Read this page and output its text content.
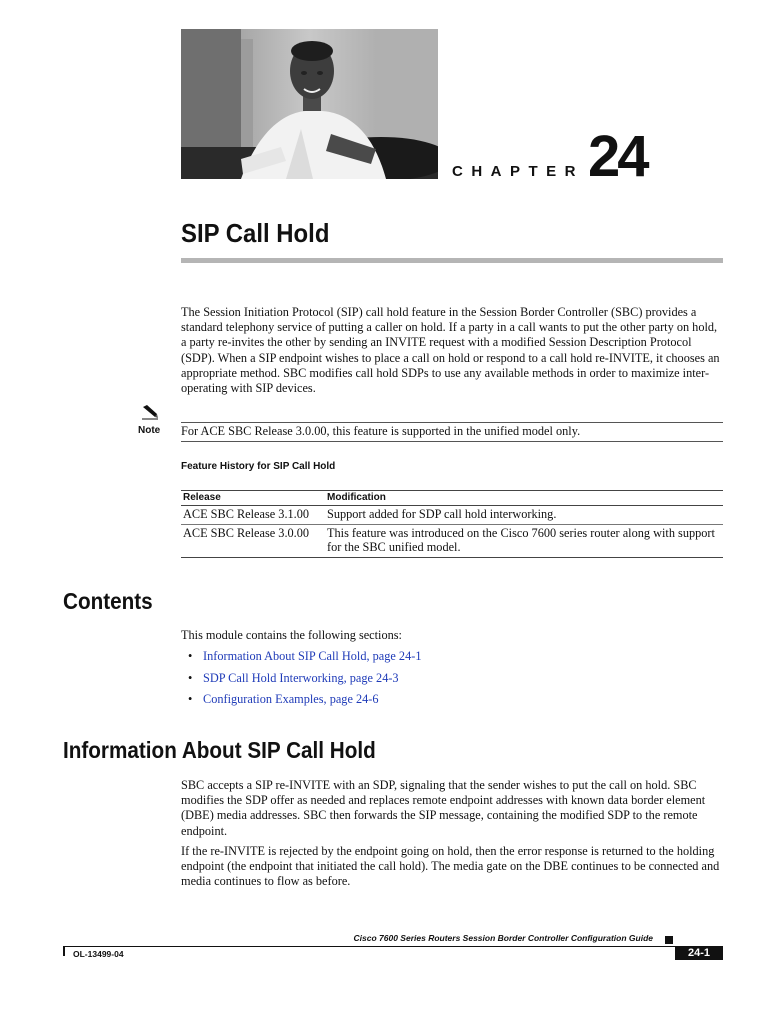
CHAPTER 24
SIP Call Hold

The Session Initiation Protocol (SIP) call hold feature in the Session Border Controller (SBC) provides a standard telephony service of putting a caller on hold. If a party in a call wants to put the other party on hold, a party re-invites the other by sending an INVITE request with a modified Session Description Protocol (SDP). When a SIP endpoint wishes to place a call on hold or respond to a call hold re-INVITE, it chooses an appropriate method. SBC modifies call hold SDPs to use any available methods in order to maximize inter-operating with SIP devices.

Note For ACE SBC Release 3.0.00, this feature is supported in the unified model only.
Feature History for SIP Call Hold
Release	Modification
ACE SBC Release 3.1.00	Support added for SDP call hold interworking.
ACE SBC Release 3.0.00	This feature was introduced on the Cisco 7600 series router along with support for the SBC unified model.
Contents
This module contains the following sections:
• Information About SIP Call Hold, page 24-1
• SDP Call Hold Interworking, page 24-3
• Configuration Examples, page 24-6
Information About SIP Call Hold

SBC accepts a SIP re-INVITE with an SDP, signaling that the sender wishes to put the call on hold. SBC modifies the SDP offer as needed and replaces remote endpoint addresses with known data border element (DBE) media addresses. SBC then forwards the SIP message, containing the modified SDP to the remote endpoint.

If the re-INVITE is rejected by the endpoint going on hold, then the error response is returned to the holding endpoint (the endpoint that initiated the call hold). The media gate on the DBE continues to be connected and media continues to flow as before.

Cisco 7600 Series Routers Session Border Controller Configuration Guide
OL-13499-04	24-1
